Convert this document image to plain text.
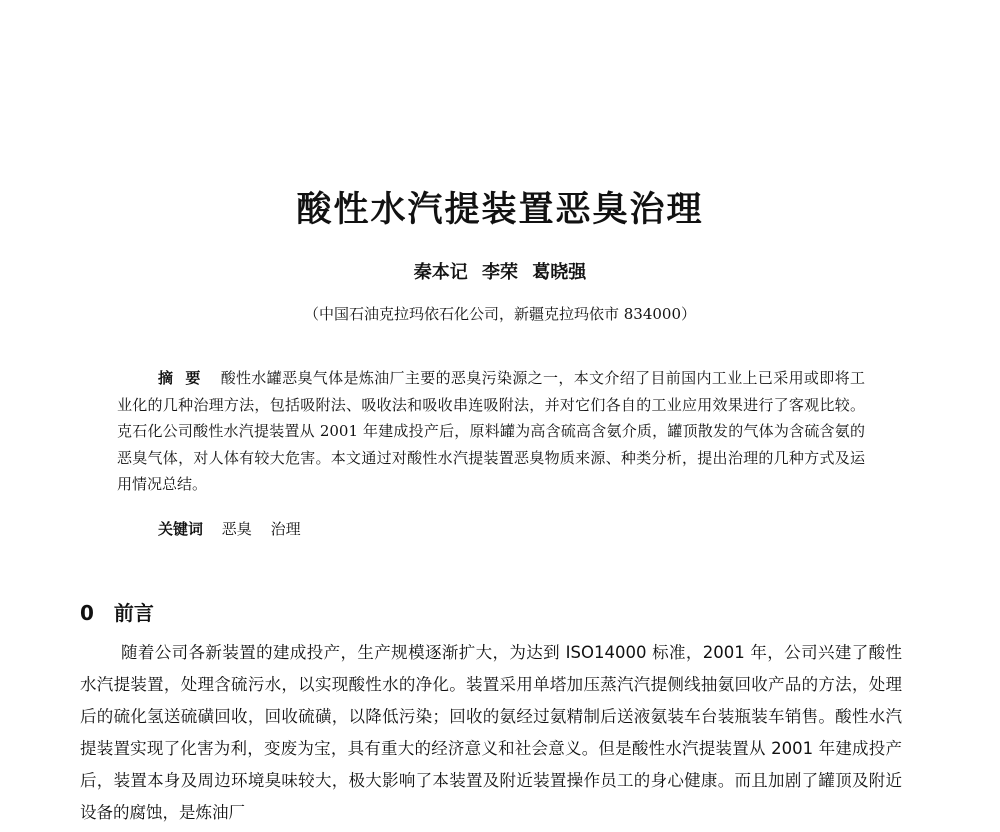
酸性水汽提装置恶臭治理
秦本记 李荣 葛晓强
（中国石油克拉玛依石化公司，新疆克拉玛依市 834000）

摘要 酸性水罐恶臭气体是炼油厂主要的恶臭污染源之一，本文介绍了目前国内工业上已采用或即将工业化的几种治理方法，包括吸附法、吸收法和吸收串连吸附法，并对它们各自的工业应用效果进行了客观比较。克石化公司酸性水汽提装置从 2001 年建成投产后，原料罐为高含硫高含氨介质，罐顶散发的气体为含硫含氨的恶臭气体，对人体有较大危害。本文通过对酸性水汽提装置恶臭物质来源、种类分析，提出治理的几种方式及运用情况总结。

关键词 恶臭 治理
0 前言

随着公司各新装置的建成投产，生产规模逐渐扩大，为达到 ISO14000 标准，2001 年，公司兴建了酸性水汽提装置，处理含硫污水，以实现酸性水的净化。装置采用单塔加压蒸汽汽提侧线抽氨回收产品的方法，处理后的硫化氢送硫磺回收，回收硫磺，以降低污染；回收的氨经过氨精制后送液氨装车台装瓶装车销售。酸性水汽提装置实现了化害为利，变废为宝，具有重大的经济意义和社会意义。但是酸性水汽提装置从 2001 年建成投产后，装置本身及周边环境臭味较大，极大影响了本装置及附近装置操作员工的身心健康。而且加剧了罐顶及附近设备的腐蚀，是炼油厂
